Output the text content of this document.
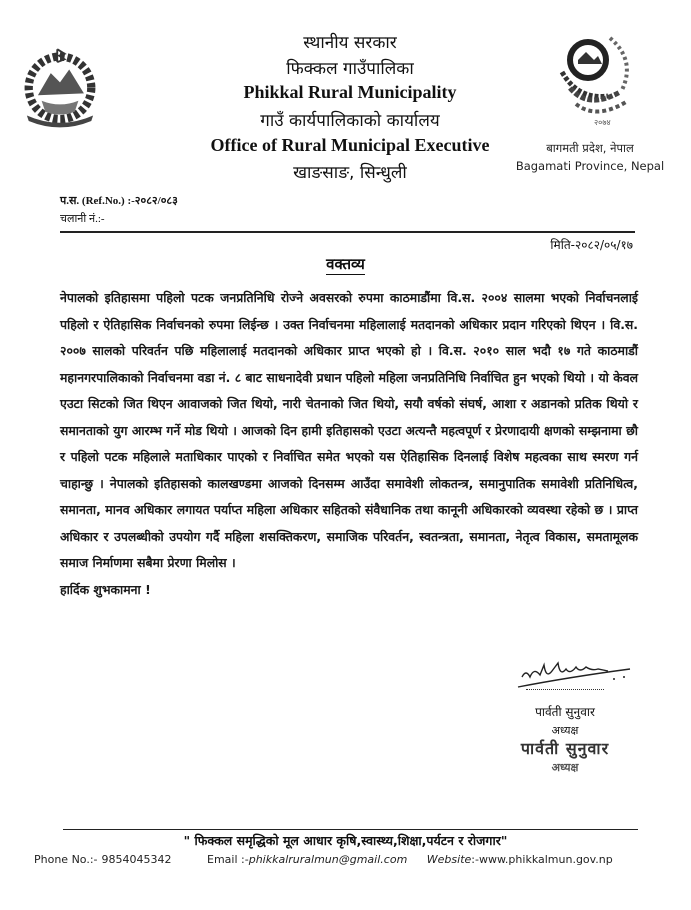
स्थानीय सरकार
फिक्कल गाउँपालिका
Phikkal Rural Municipality
गाउँ कार्यपालिकाको कार्यालय
Office of Rural Municipal Executive
खाङसाङ, सिन्धुली
२०७४
बागमती प्रदेश, नेपाल
Bagamati Province, Nepal
प.स. (Ref.No.) :-२०८२/०८३
चलानी नं.:-
मिति-२०८२/०५/१७
वक्तव्य

नेपालको इतिहासमा पहिलो पटक जनप्रतिनिधि रोज्ने अवसरको रुपमा काठमाडौंमा वि.स. २००४ सालमा भएको निर्वाचनलाई पहिलो र ऐतिहासिक निर्वाचनको रुपमा लिईन्छ । उक्त निर्वाचनमा महिलालाई मतदानको अधिकार प्रदान गरिएको थिएन । वि.स. २००७ सालको परिवर्तन पछि महिलालाई मतदानको अधिकार प्राप्त भएको हो । वि.स. २०१० साल भदौ १७ गते काठमाडौं महानगरपालिकाको निर्वाचनमा वडा नं. ८ बाट साधनादेवी प्रधान पहिलो महिला जनप्रतिनिधि निर्वाचित हुन भएको थियो । यो केवल एउटा सिटको जित थिएन आवाजको जित थियो, नारी चेतनाको जित थियो, सयौ वर्षको संघर्ष, आशा र अडानको प्रतिक थियो र समानताको युग आरम्भ गर्ने मोड थियो । आजको दिन हामी इतिहासको एउटा अत्यन्तै महत्वपूर्ण र प्रेरणादायी क्षणको सम्झनामा छौ र पहिलो पटक महिलाले मताधिकार पाएको र निर्वाचित समेत भएको यस ऐतिहासिक दिनलाई विशेष महत्वका साथ स्मरण गर्न चाहान्छु । नेपालको इतिहासको कालखण्डमा आजको दिनसम्म आउँदा समावेशी लोकतन्त्र, समानुपातिक समावेशी प्रतिनिधित्व, समानता, मानव अधिकार लगायत पर्याप्त महिला अधिकार सहितको संवैधानिक तथा कानूनी अधिकारको व्यवस्था रहेको छ । प्राप्त अधिकार र उपलब्धीको उपयोग गर्दै महिला शसक्तिकरण, समाजिक परिवर्तन, स्वतन्त्रता, समानता, नेतृत्व विकास, समतामूलक समाज निर्माणमा सबैमा प्रेरणा मिलोस ।

हार्दिक शुभकामना !

पार्वती सुनुवार
अध्यक्ष
पार्वती सुनुवार
अध्यक्ष
" फिक्कल समृद्धिको मूल आधार कृषि,स्वास्थ्य,शिक्षा,पर्यटन र रोजगार"
Phone No.:- 9854045342	Email :-phikkalruralmun@gmail.com Website:-www.phikkalmun.gov.np
